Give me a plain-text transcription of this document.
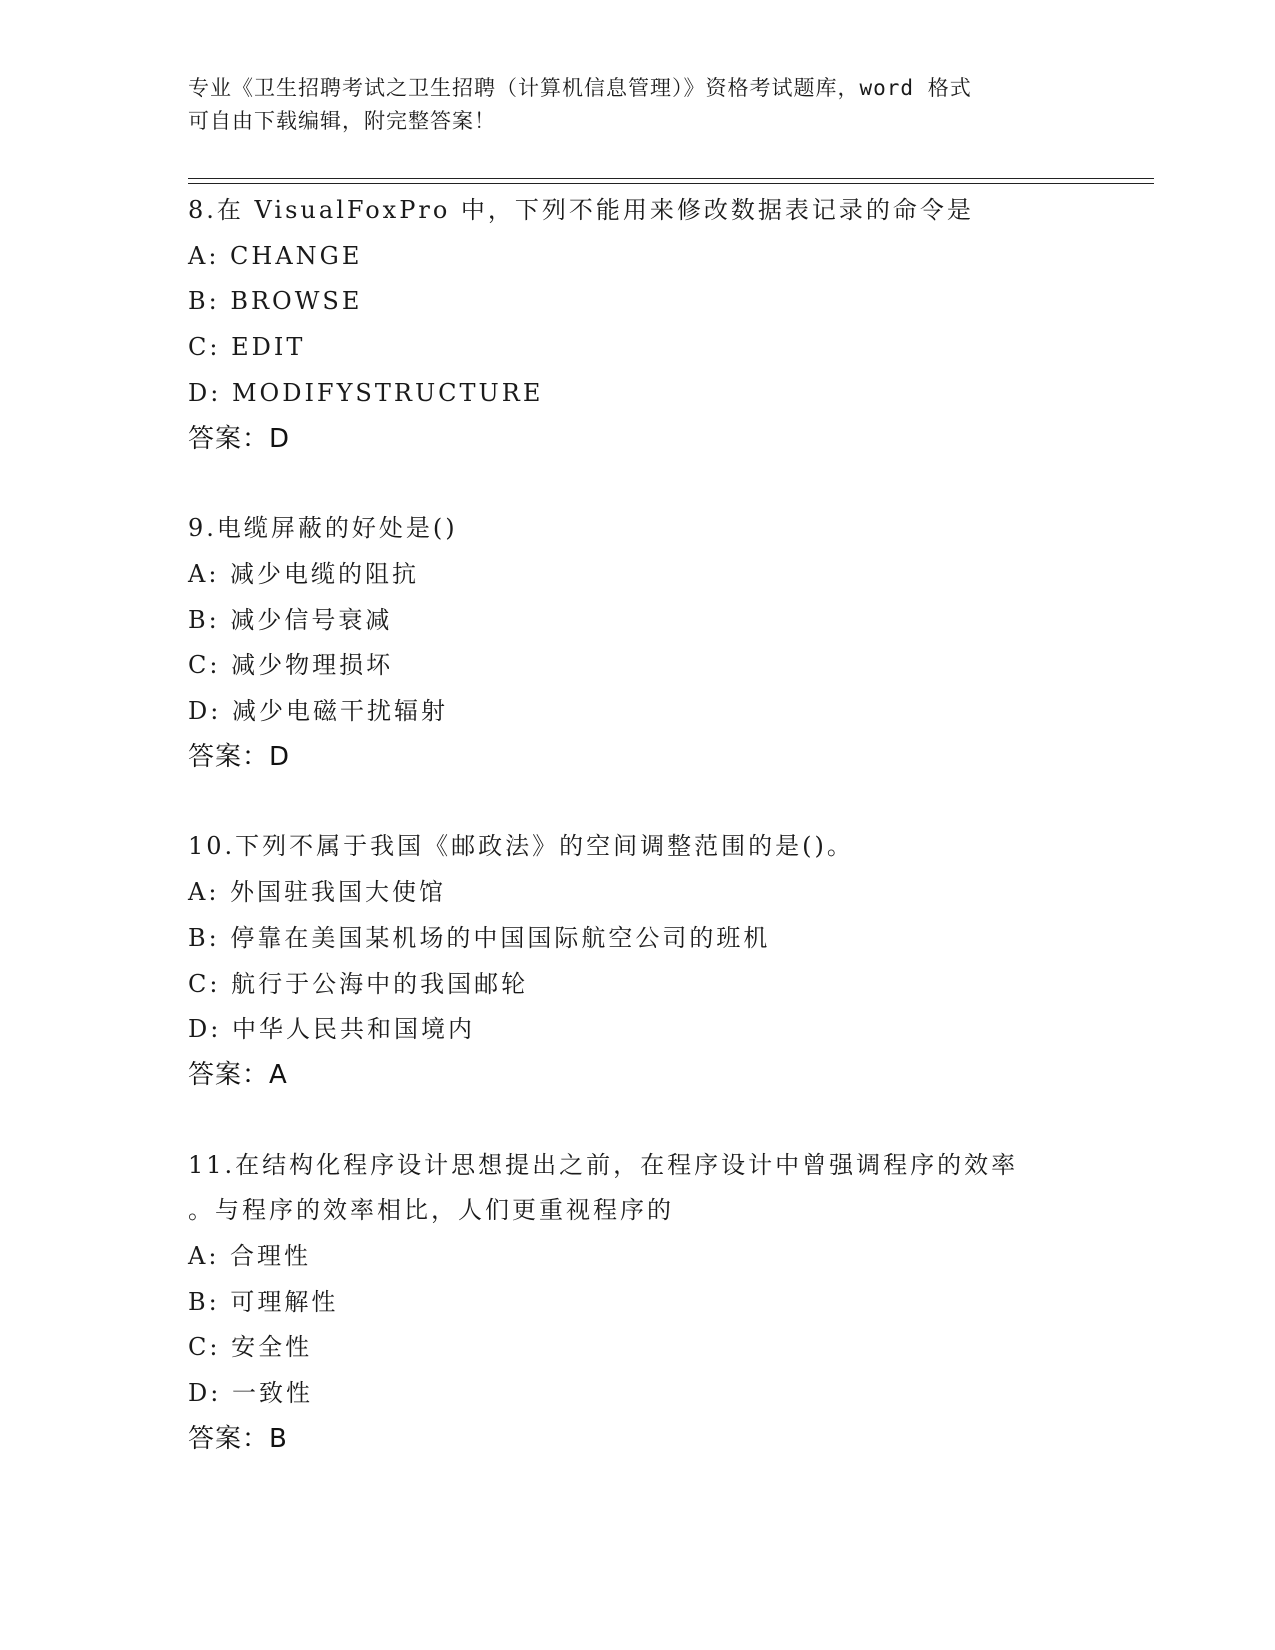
专业《卫生招聘考试之卫生招聘（计算机信息管理）》资格考试题库，word 格式
可自由下载编辑，附完整答案！
8.在 VisualFoxPro 中，下列不能用来修改数据表记录的命令是
A: CHANGE
B: BROWSE
C: EDIT
D: MODIFYSTRUCTURE
答案：D
9.电缆屏蔽的好处是()
A: 减少电缆的阻抗
B: 减少信号衰减
C: 减少物理损坏
D: 减少电磁干扰辐射
答案：D
10.下列不属于我国《邮政法》的空间调整范围的是()。
A: 外国驻我国大使馆
B: 停靠在美国某机场的中国国际航空公司的班机
C: 航行于公海中的我国邮轮
D: 中华人民共和国境内
答案：A
11.在结构化程序设计思想提出之前，在程序设计中曾强调程序的效率
。与程序的效率相比，人们更重视程序的
A: 合理性
B: 可理解性
C: 安全性
D: 一致性
答案：B
